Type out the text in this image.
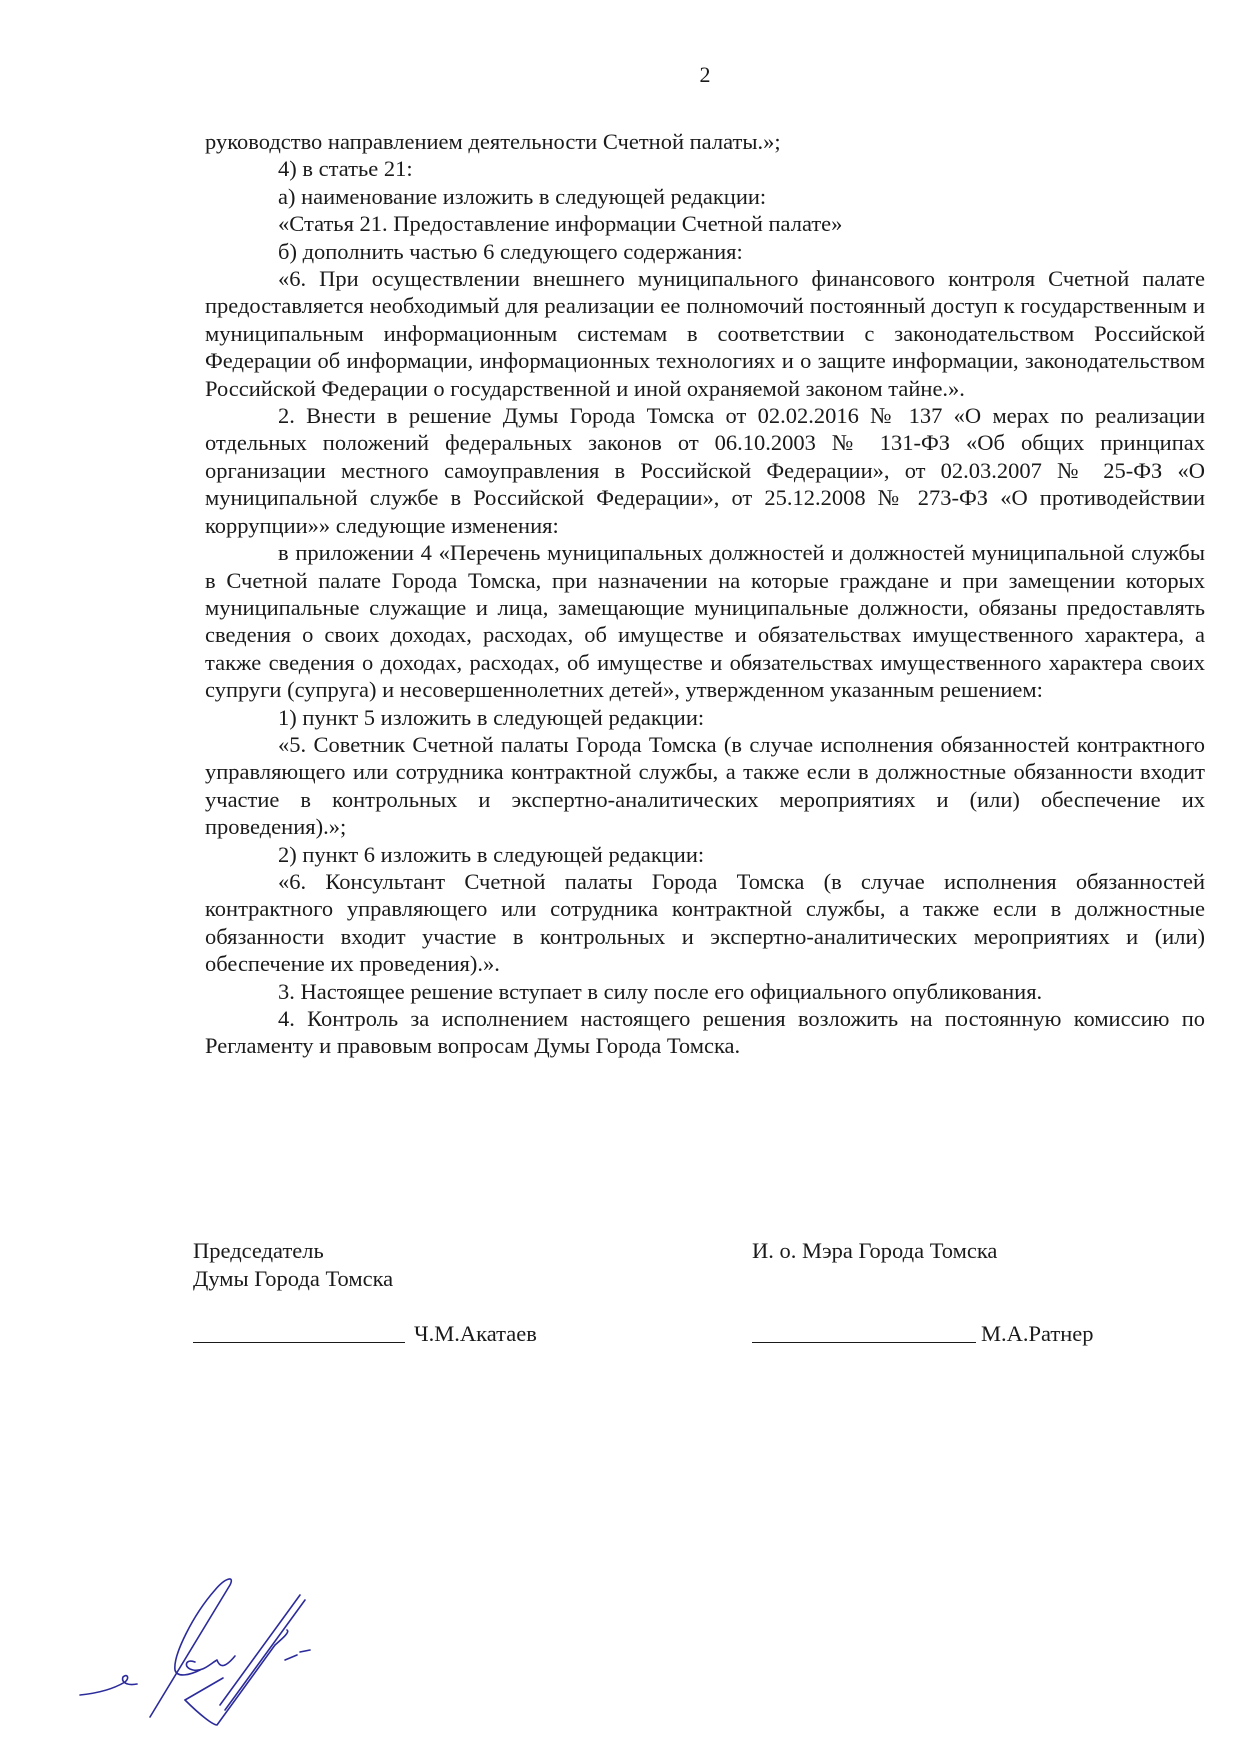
2

руководство направлением деятельности Счетной палаты.»;

4) в статье 21:

а) наименование изложить в следующей редакции:

«Статья 21. Предоставление информации Счетной палате»

б) дополнить частью 6 следующего содержания:

«6. При осуществлении внешнего муниципального финансового контроля Счетной палате предоставляется необходимый для реализации ее полномочий постоянный доступ к государственным и муниципальным информационным системам в соответствии с законодательством Российской Федерации об информации, информационных технологиях и о защите информации, законодательством Российской Федерации о государственной и иной охраняемой законом тайне.».

2. Внести в решение Думы Города Томска от 02.02.2016 № 137 «О мерах по реализации отдельных положений федеральных законов от 06.10.2003 № 131-ФЗ «Об общих принципах организации местного самоуправления в Российской Федерации», от 02.03.2007 № 25-ФЗ «О муниципальной службе в Российской Федерации», от 25.12.2008 № 273-ФЗ «О противодействии коррупции»» следующие изменения:

в приложении 4 «Перечень муниципальных должностей и должностей муниципальной службы в Счетной палате Города Томска, при назначении на которые граждане и при замещении которых муниципальные служащие и лица, замещающие муниципальные должности, обязаны предоставлять сведения о своих доходах, расходах, об имуществе и обязательствах имущественного характера, а также сведения о доходах, расходах, об имуществе и обязательствах имущественного характера своих супруги (супруга) и несовершеннолетних детей», утвержденном указанным решением:

1) пункт 5 изложить в следующей редакции:

«5. Советник Счетной палаты Города Томска (в случае исполнения обязанностей контрактного управляющего или сотрудника контрактной службы, а также если в должностные обязанности входит участие в контрольных и экспертно-аналитических мероприятиях и (или) обеспечение их проведения).»;

2) пункт 6 изложить в следующей редакции:

«6. Консультант Счетной палаты Города Томска (в случае исполнения обязанностей контрактного управляющего или сотрудника контрактной службы, а также если в должностные обязанности входит участие в контрольных и экспертно-аналитических мероприятиях и (или) обеспечение их проведения).».

3. Настоящее решение вступает в силу после его официального опубликования.

4. Контроль за исполнением настоящего решения возложить на постоянную комиссию по Регламенту и правовым вопросам Думы Города Томска.

Председатель
Думы Города Томска
Ч.М.Акатаев
И. о. Мэра Города Томска
М.А.Ратнер
